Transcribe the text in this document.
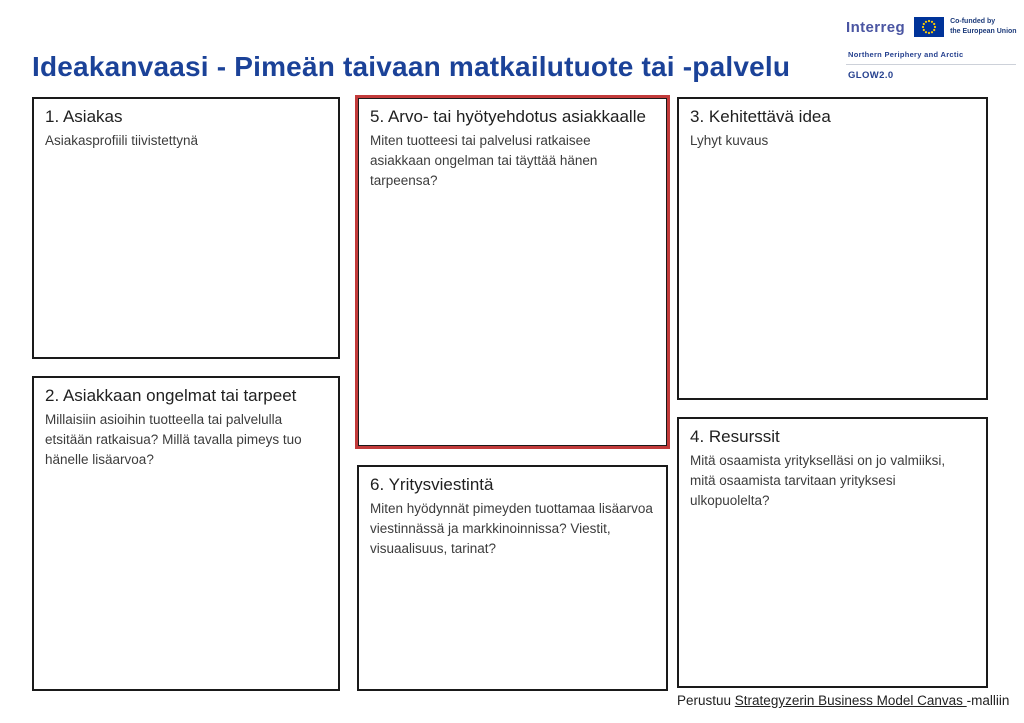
Ideakanvaasi - Pimeän taivaan matkailutuote tai -palvelu
Interreg	Co-funded by
the European Union
Northern Periphery and Arctic
GLOW2.0
1. Asiakas

Asiakasprofiili tiivistettynä

2. Asiakkaan ongelmat tai tarpeet

Millaisiin asioihin tuotteella tai palvelulla etsitään ratkaisua? Millä tavalla pimeys tuo hänelle lisäarvoa?

5. Arvo- tai hyötyehdotus asiakkaalle

Miten tuotteesi tai palvelusi ratkaisee asiakkaan ongelman tai täyttää hänen tarpeensa?

6. Yritysviestintä

Miten hyödynnät pimeyden tuottamaa lisäarvoa viestinnässä ja markkinoinnissa? Viestit, visuaalisuus, tarinat?

3. Kehitettävä idea

Lyhyt kuvaus

4. Resurssit

Mitä osaamista yritykselläsi on jo valmiiksi, mitä osaamista tarvitaan yrityksesi ulkopuolelta?

Perustuu Strategyzerin Business Model Canvas -malliin
